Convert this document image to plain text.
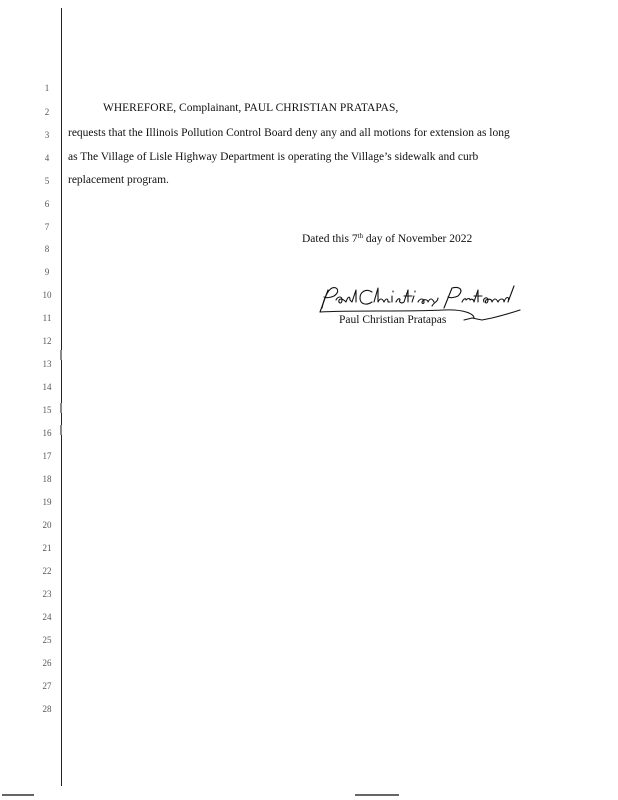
1
2
3
4
5
6
7
8
9
10
11
12
13
14
15
16
17
18
19
20
21
22
23
24
25
26
27
28
WHEREFORE, Complainant, PAUL CHRISTIAN PRATAPAS,
requests that the Illinois Pollution Control Board deny any and all motions for extension as long
as The Village of Lisle Highway Department is operating the Village’s sidewalk and curb
replacement program.
Dated this 7th day of November 2022
Paul Christian Pratapas
